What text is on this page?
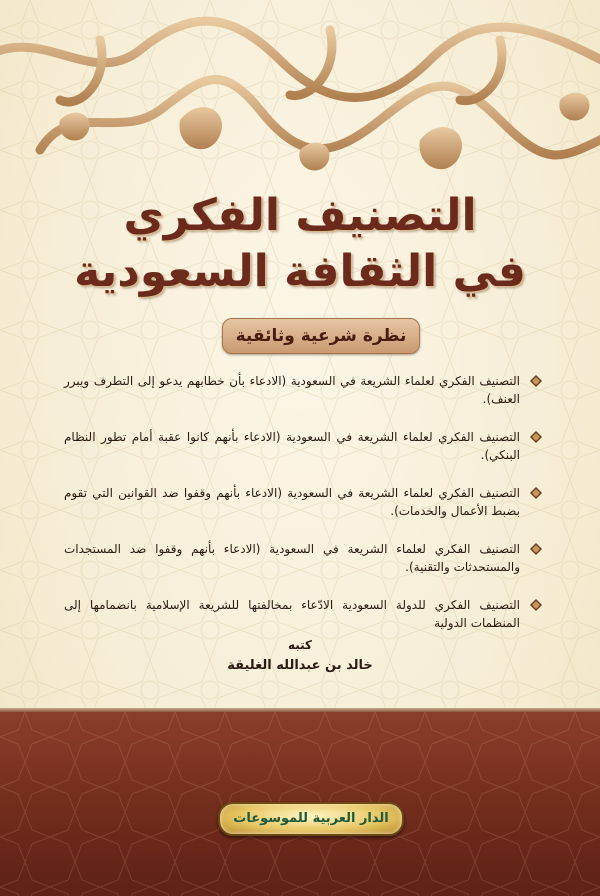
التصنيف الفكري
في الثقافة السعودية
نظرة شرعية وثائقية
التصنيف الفكري لعلماء الشريعة في السعودية (الادعاء بأن خطابهم يدعو إلى التطرف ويبرر العنف).
التصنيف الفكري لعلماء الشريعة في السعودية (الادعاء بأنهم كانوا عقبة أمام تطور النظام البنكي).
التصنيف الفكري لعلماء الشريعة في السعودية (الادعاء بأنهم وقفوا ضد القوانين التي تقوم بضبط الأعمال والخدمات).
التصنيف الفكري لعلماء الشريعة في السعودية (الادعاء بأنهم وقفوا ضد المستجدات والمستحدثات والتقنية).
التصنيف الفكري للدولة السعودية الادّعاء بمخالفتها للشريعة الإسلامية بانضمامها إلى المنظمات الدولية
كتبه
خالد بن عبدالله الغليقة
الدار العربية للموسوعات
